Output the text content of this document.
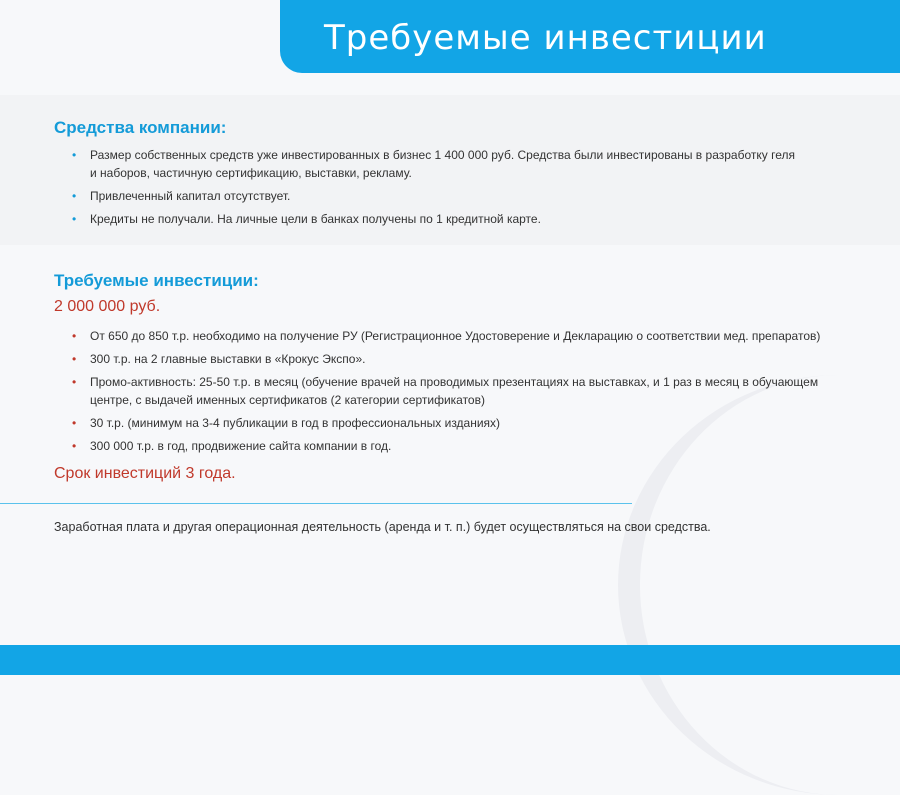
Требуемые инвестиции
Средства компании:
• Размер собственных средств уже инвестированных в бизнес 1 400 000 руб. Средства были инвестированы в разработку геля
и наборов, частичную сертификацию, выставки, рекламу.
• Привлеченный капитал отсутствует.
• Кредиты не получали. На личные цели в банках получены по 1 кредитной карте.
Требуемые инвестиции:
2 000 000 руб.
• От 650 до 850 т.р. необходимо на получение РУ (Регистрационное Удостоверение и Декларацию о соответствии мед. препаратов)
• 300 т.р. на 2 главные выставки в «Крокус Экспо».
• Промо-активность: 25-50 т.р. в месяц (обучение врачей на проводимых презентациях на выставках, и 1 раз в месяц в обучающем
центре, с выдачей именных сертификатов (2 категории сертификатов)
• 30 т.р. (минимум на 3-4 публикации в год в профессиональных изданиях)
• 300 000 т.р. в год, продвижение сайта компании в год.
Срок инвестиций 3 года.
Заработная плата и другая операционная деятельность (аренда и т. п.) будет осуществляться на свои средства.
